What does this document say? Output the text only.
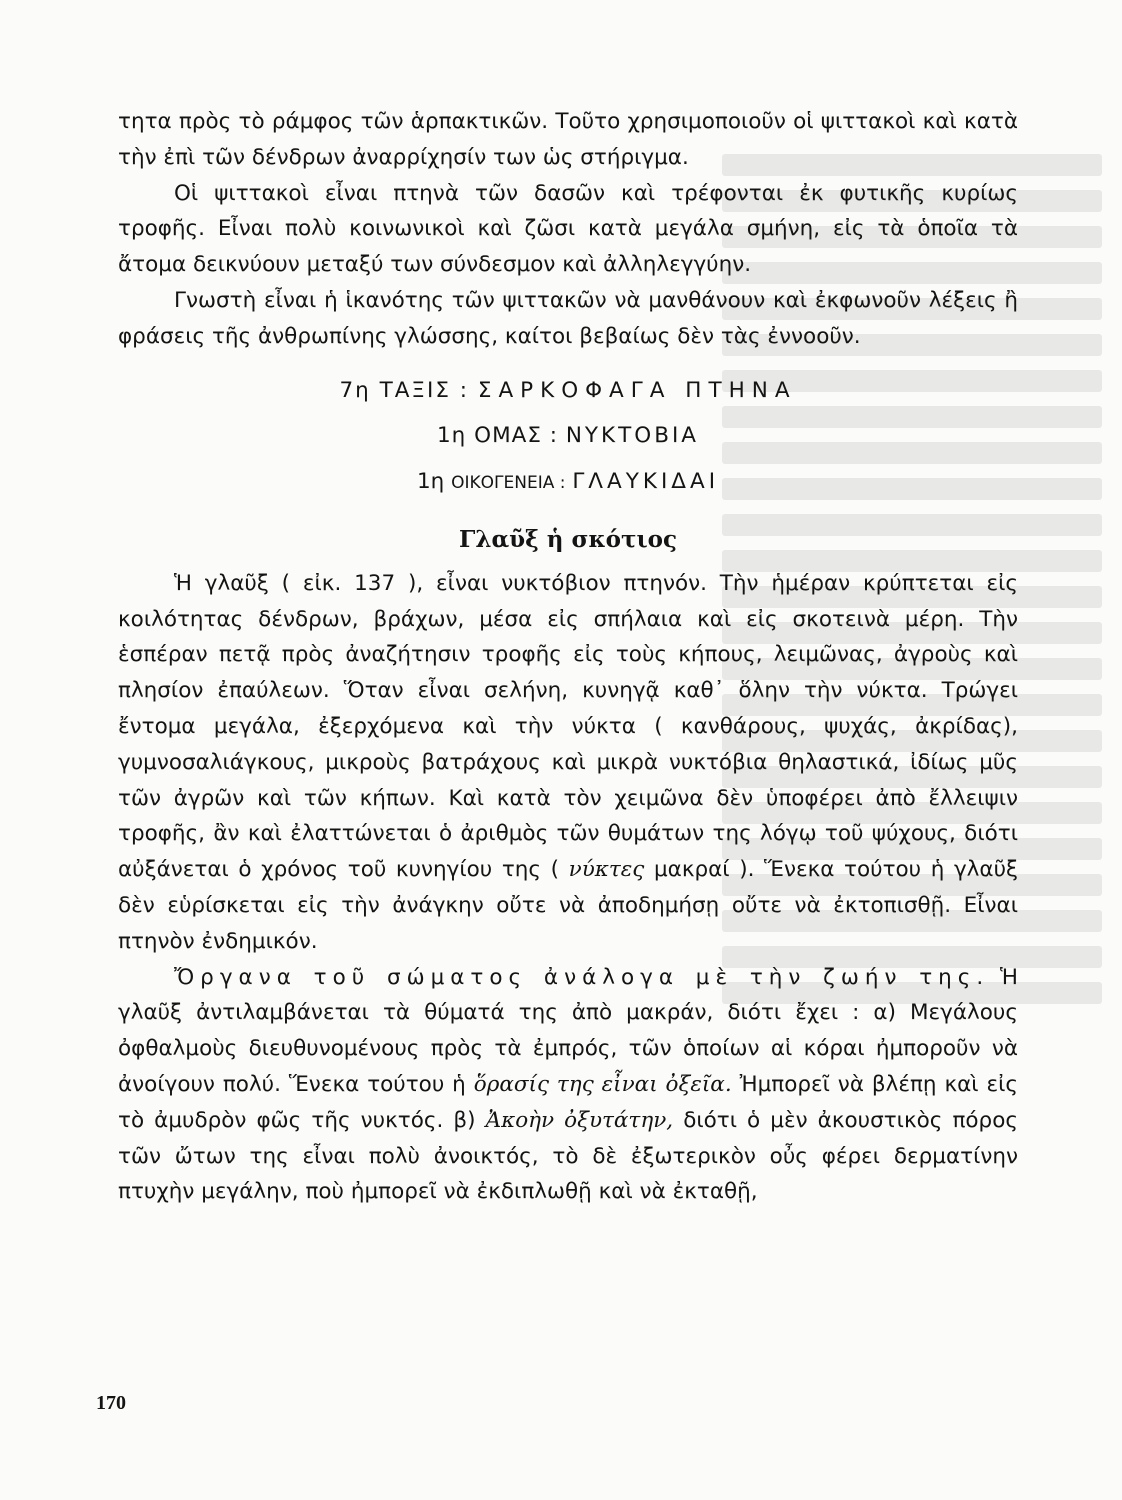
τητα πρὸς τὸ ράμφος τῶν ἁρπακτικῶν. Τοῦτο χρησιμοποιοῦν οἱ ψιττακοὶ καὶ κατὰ τὴν ἐπὶ τῶν δένδρων ἀναρρίχησίν των ὡς στήριγμα.

Οἱ ψιττακοὶ εἶναι πτηνὰ τῶν δασῶν καὶ τρέφονται ἐκ φυτικῆς κυρίως τροφῆς. Εἶναι πολὺ κοινωνικοὶ καὶ ζῶσι κατὰ μεγάλα σμήνη, εἰς τὰ ὁποῖα τὰ ἄτομα δεικνύουν μεταξύ των σύνδεσμον καὶ ἀλληλεγγύην.

Γνωστὴ εἶναι ἡ ἱκανότης τῶν ψιττακῶν νὰ μανθάνουν καὶ ἐκφωνοῦν λέξεις ἢ φράσεις τῆς ἀνθρωπίνης γλώσσης, καίτοι βεβαίως δὲν τὰς ἐννοοῦν.

7η ΤΑΞΙΣ : ΣΑΡΚΟΦΑΓΑ ΠΤΗΝΑ

1η ΟΜΑΣ : ΝΥΚΤΟΒΙΑ

1η ΟΙΚΟΓΕΝΕΙΑ : ΓΛΑΥΚΙΔΑΙ

Γλαῦξ ἡ σκότιος

Ἡ γλαῦξ ( εἰκ. 137 ), εἶναι νυκτόβιον πτηνόν. Τὴν ἡμέραν κρύπτεται εἰς κοιλότητας δένδρων, βράχων, μέσα εἰς σπήλαια καὶ εἰς σκοτεινὰ μέρη. Τὴν ἑσπέραν πετᾷ πρὸς ἀναζήτησιν τροφῆς εἰς τοὺς κήπους, λειμῶνας, ἀγροὺς καὶ πλησίον ἐπαύλεων. Ὅταν εἶναι σελήνη, κυνηγᾷ καθ᾽ ὅλην τὴν νύκτα. Τρώγει ἔντομα μεγάλα, ἐξερχόμενα καὶ τὴν νύκτα ( κανθάρους, ψυχάς, ἀκρίδας), γυμνοσαλιάγκους, μικροὺς βατράχους καὶ μικρὰ νυκτόβια θηλαστικά, ἰδίως μῦς τῶν ἀγρῶν καὶ τῶν κήπων. Καὶ κατὰ τὸν χειμῶνα δὲν ὑποφέρει ἀπὸ ἔλλειψιν τροφῆς, ἂν καὶ ἐλαττώνεται ὁ ἀριθμὸς τῶν θυμάτων της λόγῳ τοῦ ψύχους, διότι αὐξάνεται ὁ χρόνος τοῦ κυνηγίου της ( νύκτες μακραί ). Ἕνεκα τούτου ἡ γλαῦξ δὲν εὑρίσκεται εἰς τὴν ἀνάγκην οὔτε νὰ ἀποδημήσῃ οὔτε νὰ ἐκτοπισθῇ. Εἶναι πτηνὸν ἐνδημικόν.

Ὄργανα τοῦ σώματος ἀνάλογα μὲ τὴν ζωήν της. Ἡ γλαῦξ ἀντιλαμβάνεται τὰ θύματά της ἀπὸ μακράν, διότι ἔχει : α) Μεγάλους ὀφθαλμοὺς διευθυνομένους πρὸς τὰ ἐμπρός, τῶν ὁποίων αἱ κόραι ἠμποροῦν νὰ ἀνοίγουν πολύ. Ἕνεκα τούτου ἡ ὅρασίς της εἶναι ὀξεῖα. Ἠμπορεῖ νὰ βλέπῃ καὶ εἰς τὸ ἀμυδρὸν φῶς τῆς νυκτός. β) Ἀκοὴν ὀξυτάτην, διότι ὁ μὲν ἀκουστικὸς πόρος τῶν ὤτων της εἶναι πολὺ ἀνοικτός, τὸ δὲ ἐξωτερικὸν οὖς φέρει δερματίνην πτυχὴν μεγάλην, ποὺ ἠμπορεῖ νὰ ἐκδιπλωθῇ καὶ νὰ ἐκταθῇ,

170
